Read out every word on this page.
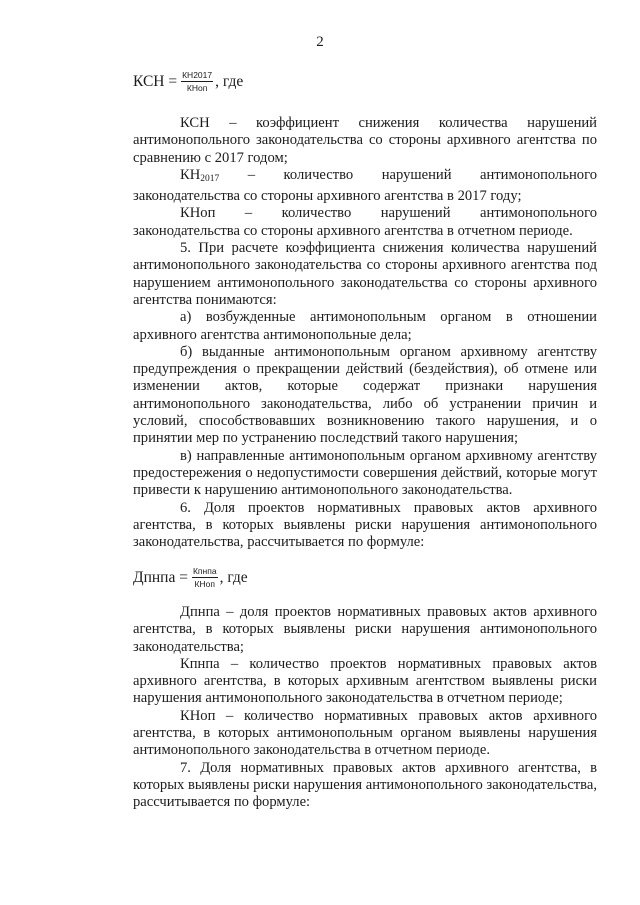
2
КСН = $\frac{КН2017}{\text{КНоп}}$ , где

КСН – коэффициент снижения количества нарушений антимонопольного законодательства со стороны архивного агентства по сравнению с 2017 годом;

$КН_{2017}$ – количество нарушений антимонопольного законодательства со стороны архивного агентства в 2017 году;

КНоп – количество нарушений антимонопольного законодательства со стороны архивного агентства в отчетном периоде.

5. При расчете коэффициента снижения количества нарушений антимонопольного законодательства со стороны архивного агентства под нарушением антимонопольного законодательства со стороны архивного агентства понимаются:

а) возбужденные антимонопольным органом в отношении архивного агентства антимонопольные дела;

б) выданные антимонопольным органом архивному агентству предупреждения о прекращении действий (бездействия), об отмене или изменении актов, которые содержат признаки нарушения антимонопольного законодательства, либо об устранении причин и условий, способствовавших возникновению такого нарушения, и о принятии мер по устранению последствий такого нарушения;

в) направленные антимонопольным органом архивному агентству предостережения о недопустимости совершения действий, которые могут привести к нарушению антимонопольного законодательства.

6. Доля проектов нормативных правовых актов архивного агентства, в которых выявлены риски нарушения антимонопольного законодательства, рассчитывается по формуле:

Дпнпа = $\frac{\text{Кпнпа}}{\text{КНоп}}$ , где

Дпнпа – доля проектов нормативных правовых актов архивного агентства, в которых выявлены риски нарушения антимонопольного законодательства;

Кпнпа – количество проектов нормативных правовых актов архивного агентства, в которых архивным агентством выявлены риски нарушения антимонопольного законодательства в отчетном периоде;

КНоп – количество нормативных правовых актов архивного агентства, в которых антимонопольным органом выявлены нарушения антимонопольного законодательства в отчетном периоде.

7. Доля нормативных правовых актов архивного агентства, в которых выявлены риски нарушения антимонопольного законодательства, рассчитывается по формуле:
